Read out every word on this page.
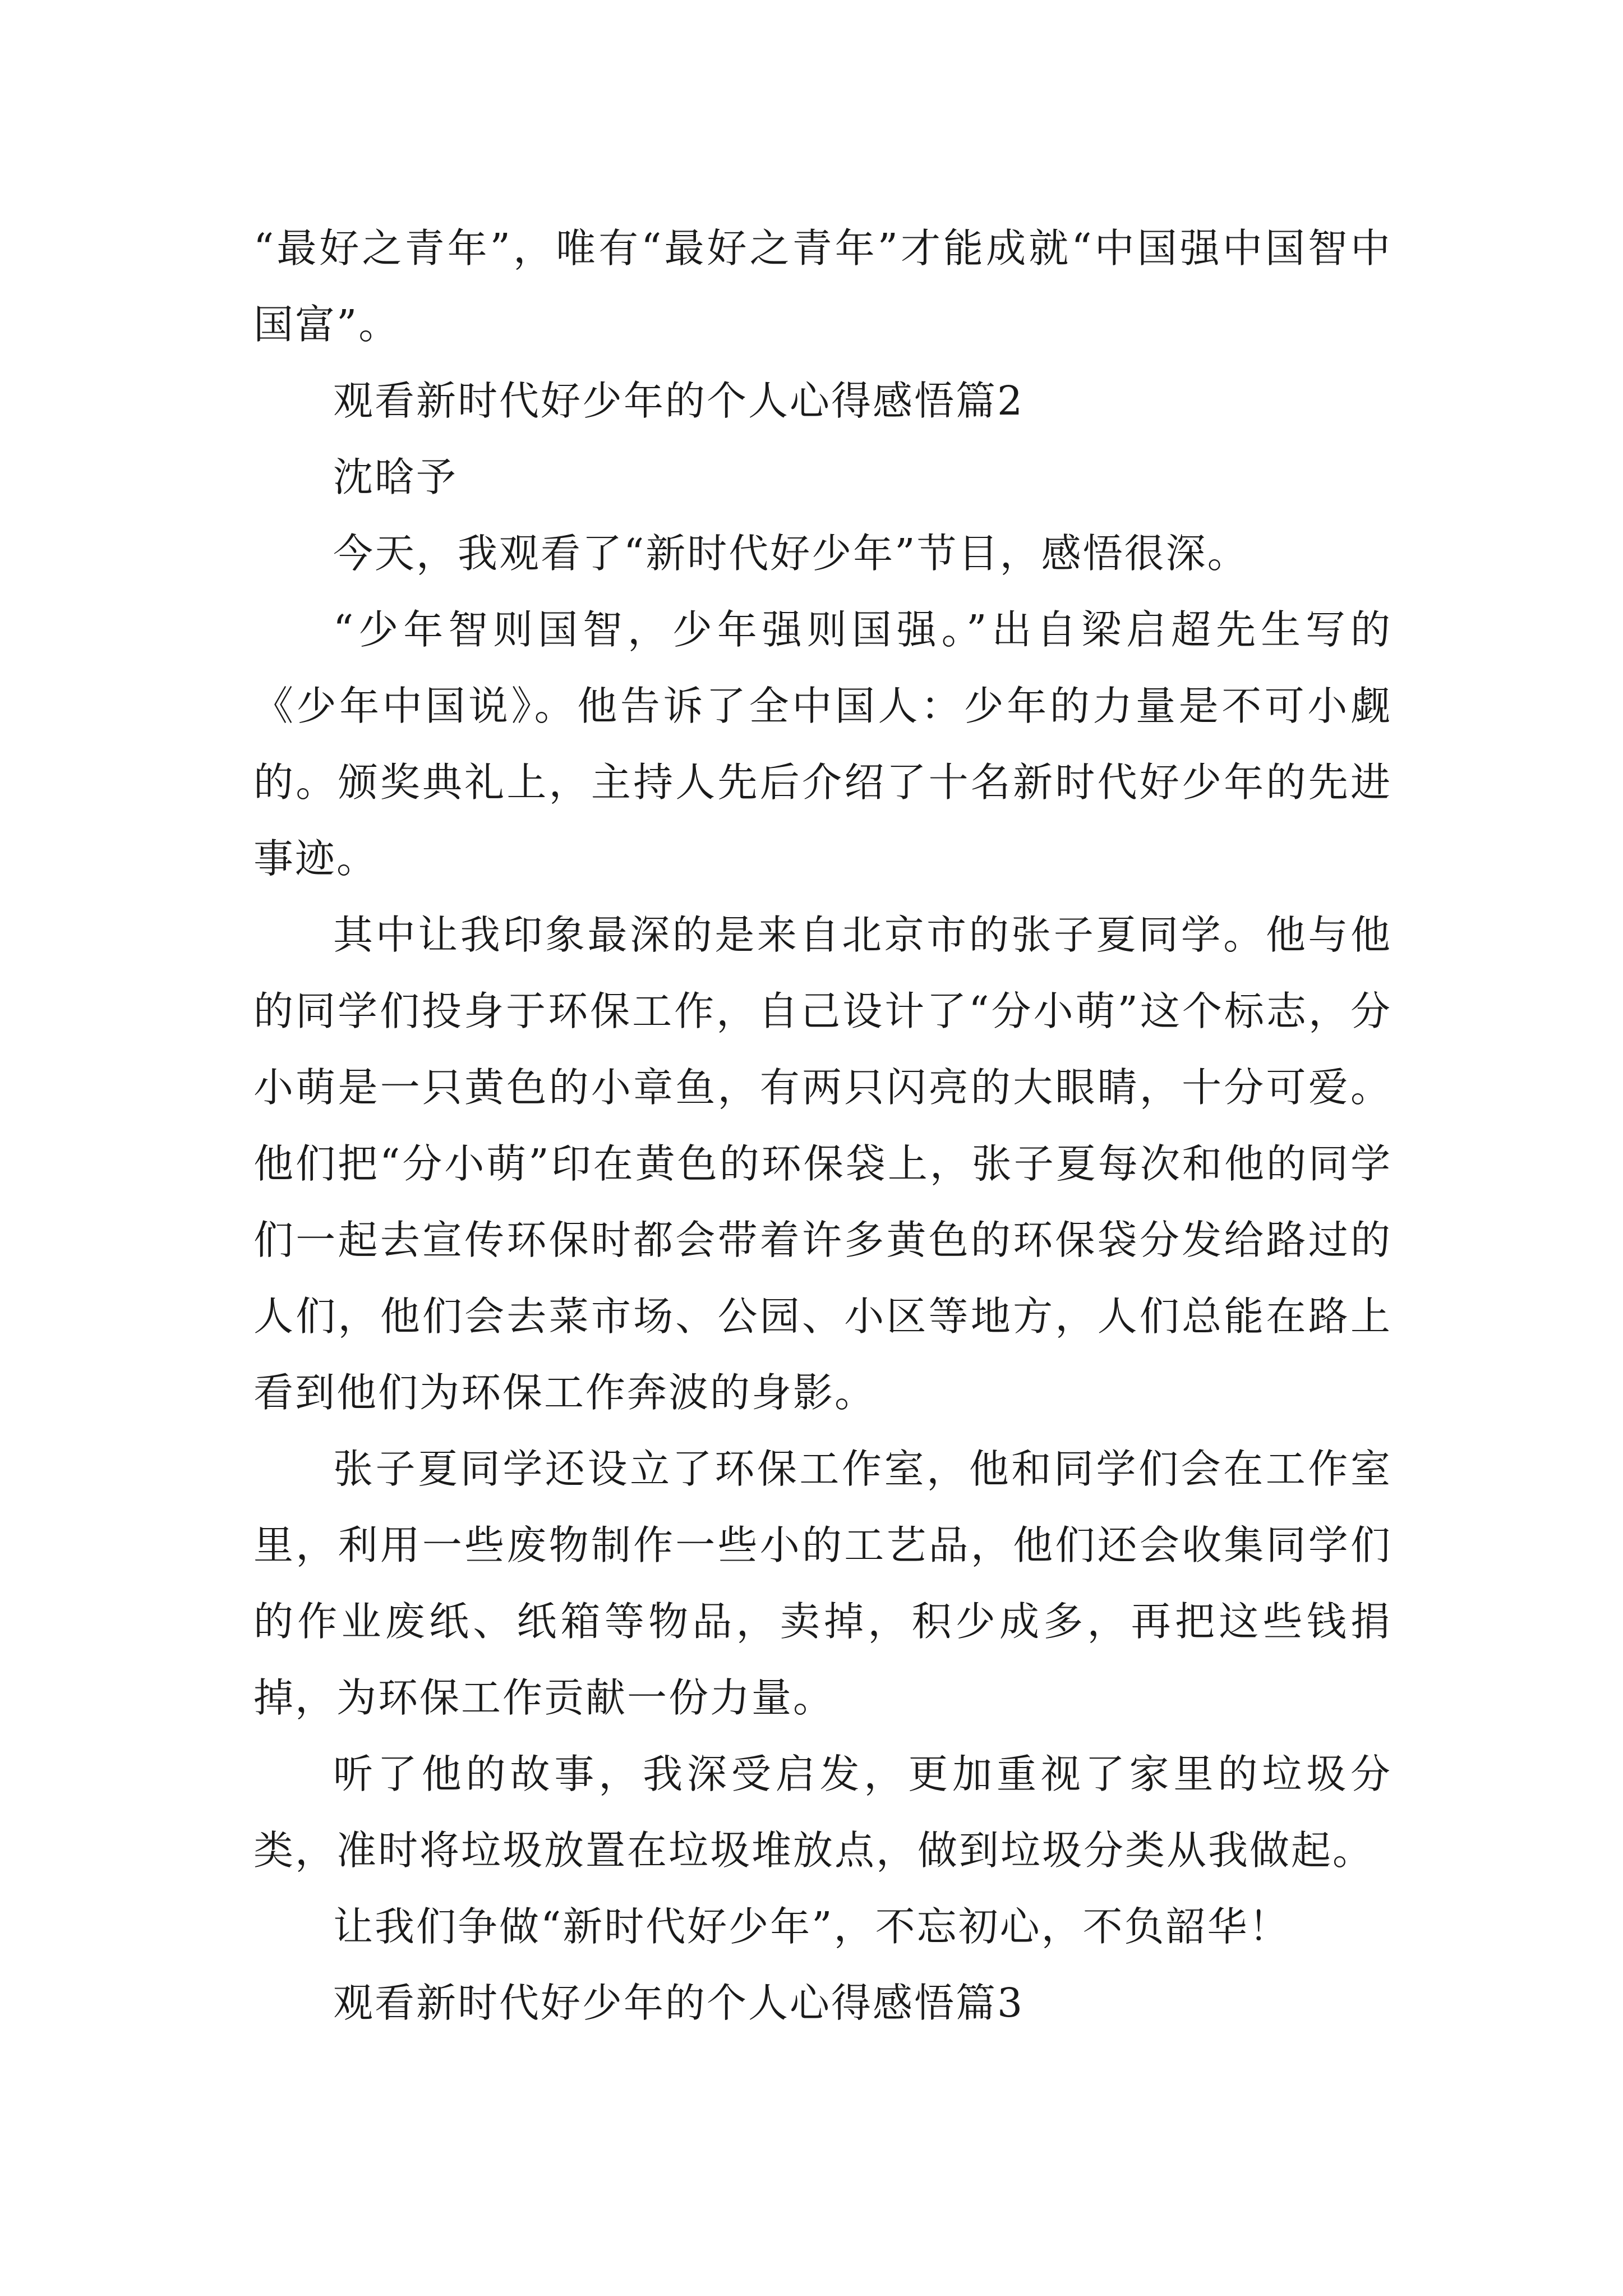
“最好之青年”，唯有“最好之青年”才能成就“中国强中国智中国富”。

观看新时代好少年的个人心得感悟篇2

沈晗予

今天，我观看了“新时代好少年”节目，感悟很深。

“少年智则国智，少年强则国强。”出自梁启超先生写的《少年中国说》。他告诉了全中国人：少年的力量是不可小觑的。颁奖典礼上，主持人先后介绍了十名新时代好少年的先进事迹。

其中让我印象最深的是来自北京市的张子夏同学。他与他的同学们投身于环保工作，自己设计了“分小萌”这个标志，分小萌是一只黄色的小章鱼，有两只闪亮的大眼睛，十分可爱。他们把“分小萌”印在黄色的环保袋上，张子夏每次和他的同学们一起去宣传环保时都会带着许多黄色的环保袋分发给路过的人们，他们会去菜市场、公园、小区等地方，人们总能在路上看到他们为环保工作奔波的身影。

张子夏同学还设立了环保工作室，他和同学们会在工作室里，利用一些废物制作一些小的工艺品，他们还会收集同学们的作业废纸、纸箱等物品，卖掉，积少成多，再把这些钱捐掉，为环保工作贡献一份力量。

听了他的故事，我深受启发，更加重视了家里的垃圾分类，准时将垃圾放置在垃圾堆放点，做到垃圾分类从我做起。

让我们争做“新时代好少年”，不忘初心，不负韶华！

观看新时代好少年的个人心得感悟篇3
